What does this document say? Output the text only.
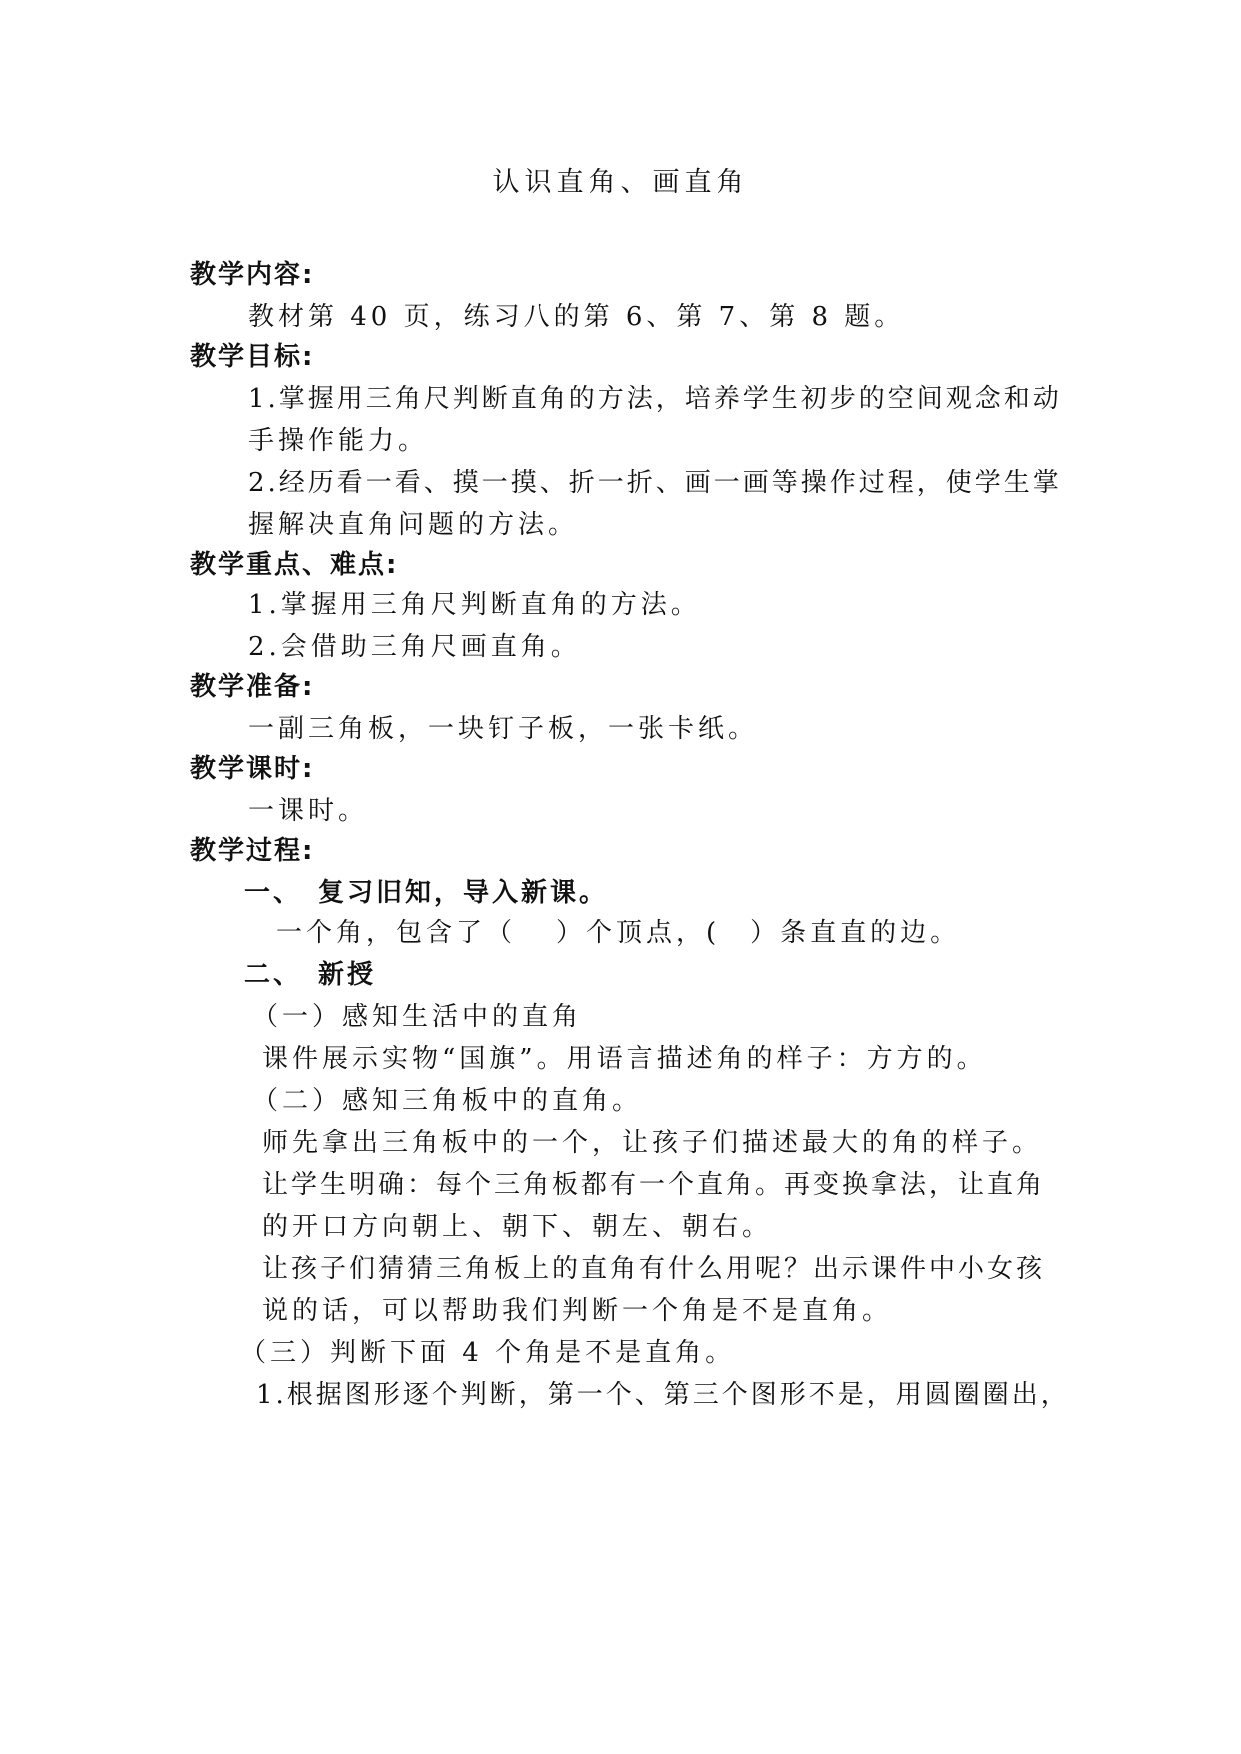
认识直角、画直角
教学内容:
教材第 40 页，练习八的第 6、第 7、第 8 题。
教学目标:
1.掌握用三角尺判断直角的方法，培养学生初步的空间观念和动
手操作能力。
2.经历看一看、摸一摸、折一折、画一画等操作过程，使学生掌
握解决直角问题的方法。
教学重点、难点:
1.掌握用三角尺判断直角的方法。
2.会借助三角尺画直角。
教学准备:
一副三角板，一块钉子板，一张卡纸。
教学课时:
一课时。
教学过程:
一、 复习旧知，导入新课。
一个角，包含了（ ）个顶点，( ）条直直的边。
二、 新授
（一）感知生活中的直角
课件展示实物“国旗”。用语言描述角的样子：方方的。
（二）感知三角板中的直角。
师先拿出三角板中的一个，让孩子们描述最大的角的样子。
让学生明确：每个三角板都有一个直角。再变换拿法，让直角
的开口方向朝上、朝下、朝左、朝右。
让孩子们猜猜三角板上的直角有什么用呢？出示课件中小女孩
说的话，可以帮助我们判断一个角是不是直角。
（三）判断下面 4 个角是不是直角。
1.根据图形逐个判断，第一个、第三个图形不是，用圆圈圈出，
